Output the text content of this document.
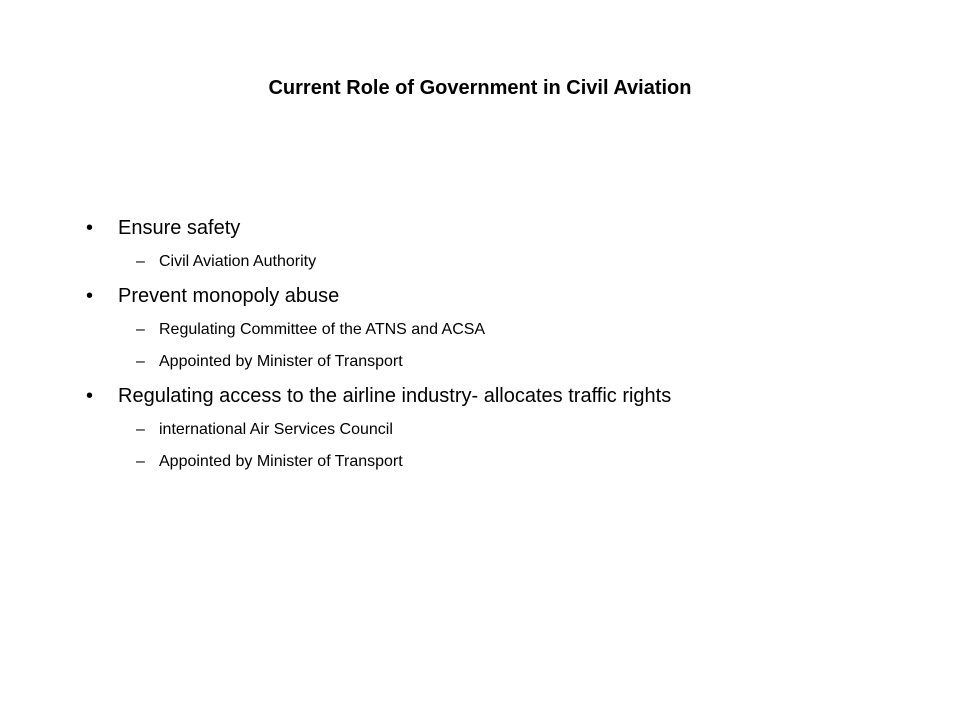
Current Role of Government in Civil Aviation
• Ensure safety
– Civil Aviation Authority
• Prevent monopoly abuse
– Regulating Committee of the ATNS and ACSA
– Appointed by Minister of Transport
• Regulating access to the airline industry- allocates traffic rights
– international Air Services Council
– Appointed by Minister of Transport
